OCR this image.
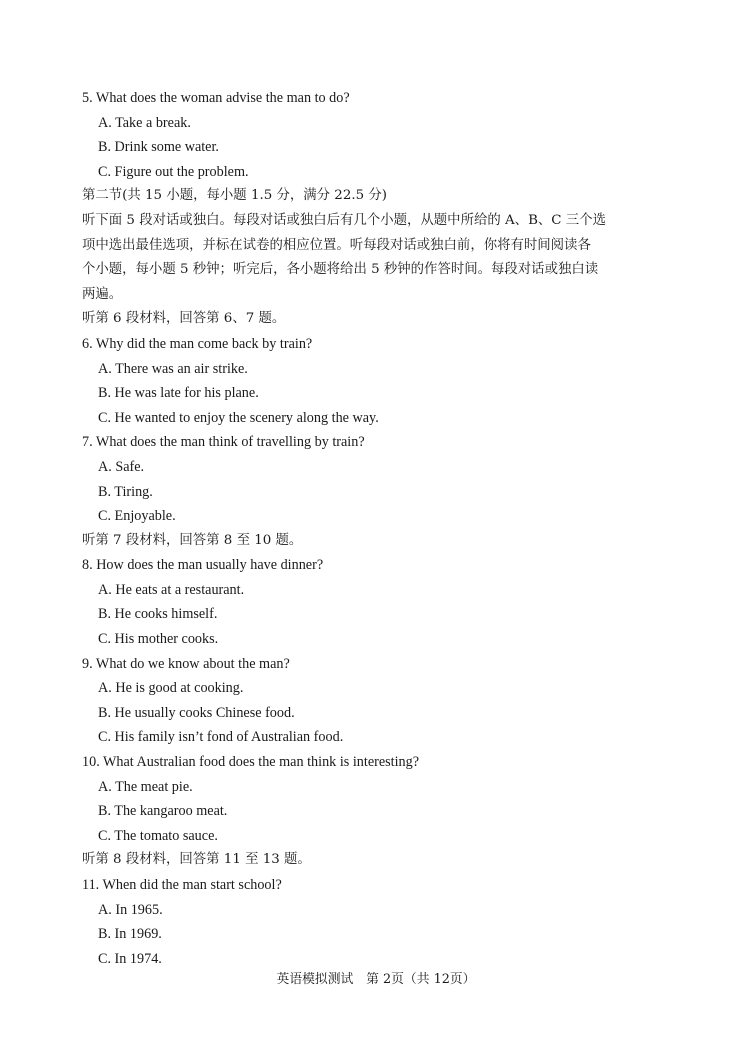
5. What does the woman advise the man to do?
A. Take a break.
B. Drink some water.
C. Figure out the problem.
第二节(共 15 小题，每小题 1.5 分，满分 22.5 分)
听下面 5 段对话或独白。每段对话或独白后有几个小题，从题中所给的 A、B、C 三个选
项中选出最佳选项，并标在试卷的相应位置。听每段对话或独白前，你将有时间阅读各
个小题，每小题 5 秒钟；听完后，各小题将给出 5 秒钟的作答时间。每段对话或独白读
两遍。
听第 6 段材料，回答第 6、7 题。
6. Why did the man come back by train?
A. There was an air strike.
B. He was late for his plane.
C. He wanted to enjoy the scenery along the way.
7. What does the man think of travelling by train?
A. Safe.
B. Tiring.
C. Enjoyable.
听第 7 段材料，回答第 8 至 10 题。
8. How does the man usually have dinner?
A. He eats at a restaurant.
B. He cooks himself.
C. His mother cooks.
9. What do we know about the man?
A. He is good at cooking.
B. He usually cooks Chinese food.
C. His family isn’t fond of Australian food.
10. What Australian food does the man think is interesting?
A. The meat pie.
B. The kangaroo meat.
C. The tomato sauce.
听第 8 段材料，回答第 11 至 13 题。
11. When did the man start school?
A. In 1965.
B. In 1969.
C. In 1974.
英语模拟测试　第 2页（共 12页）
